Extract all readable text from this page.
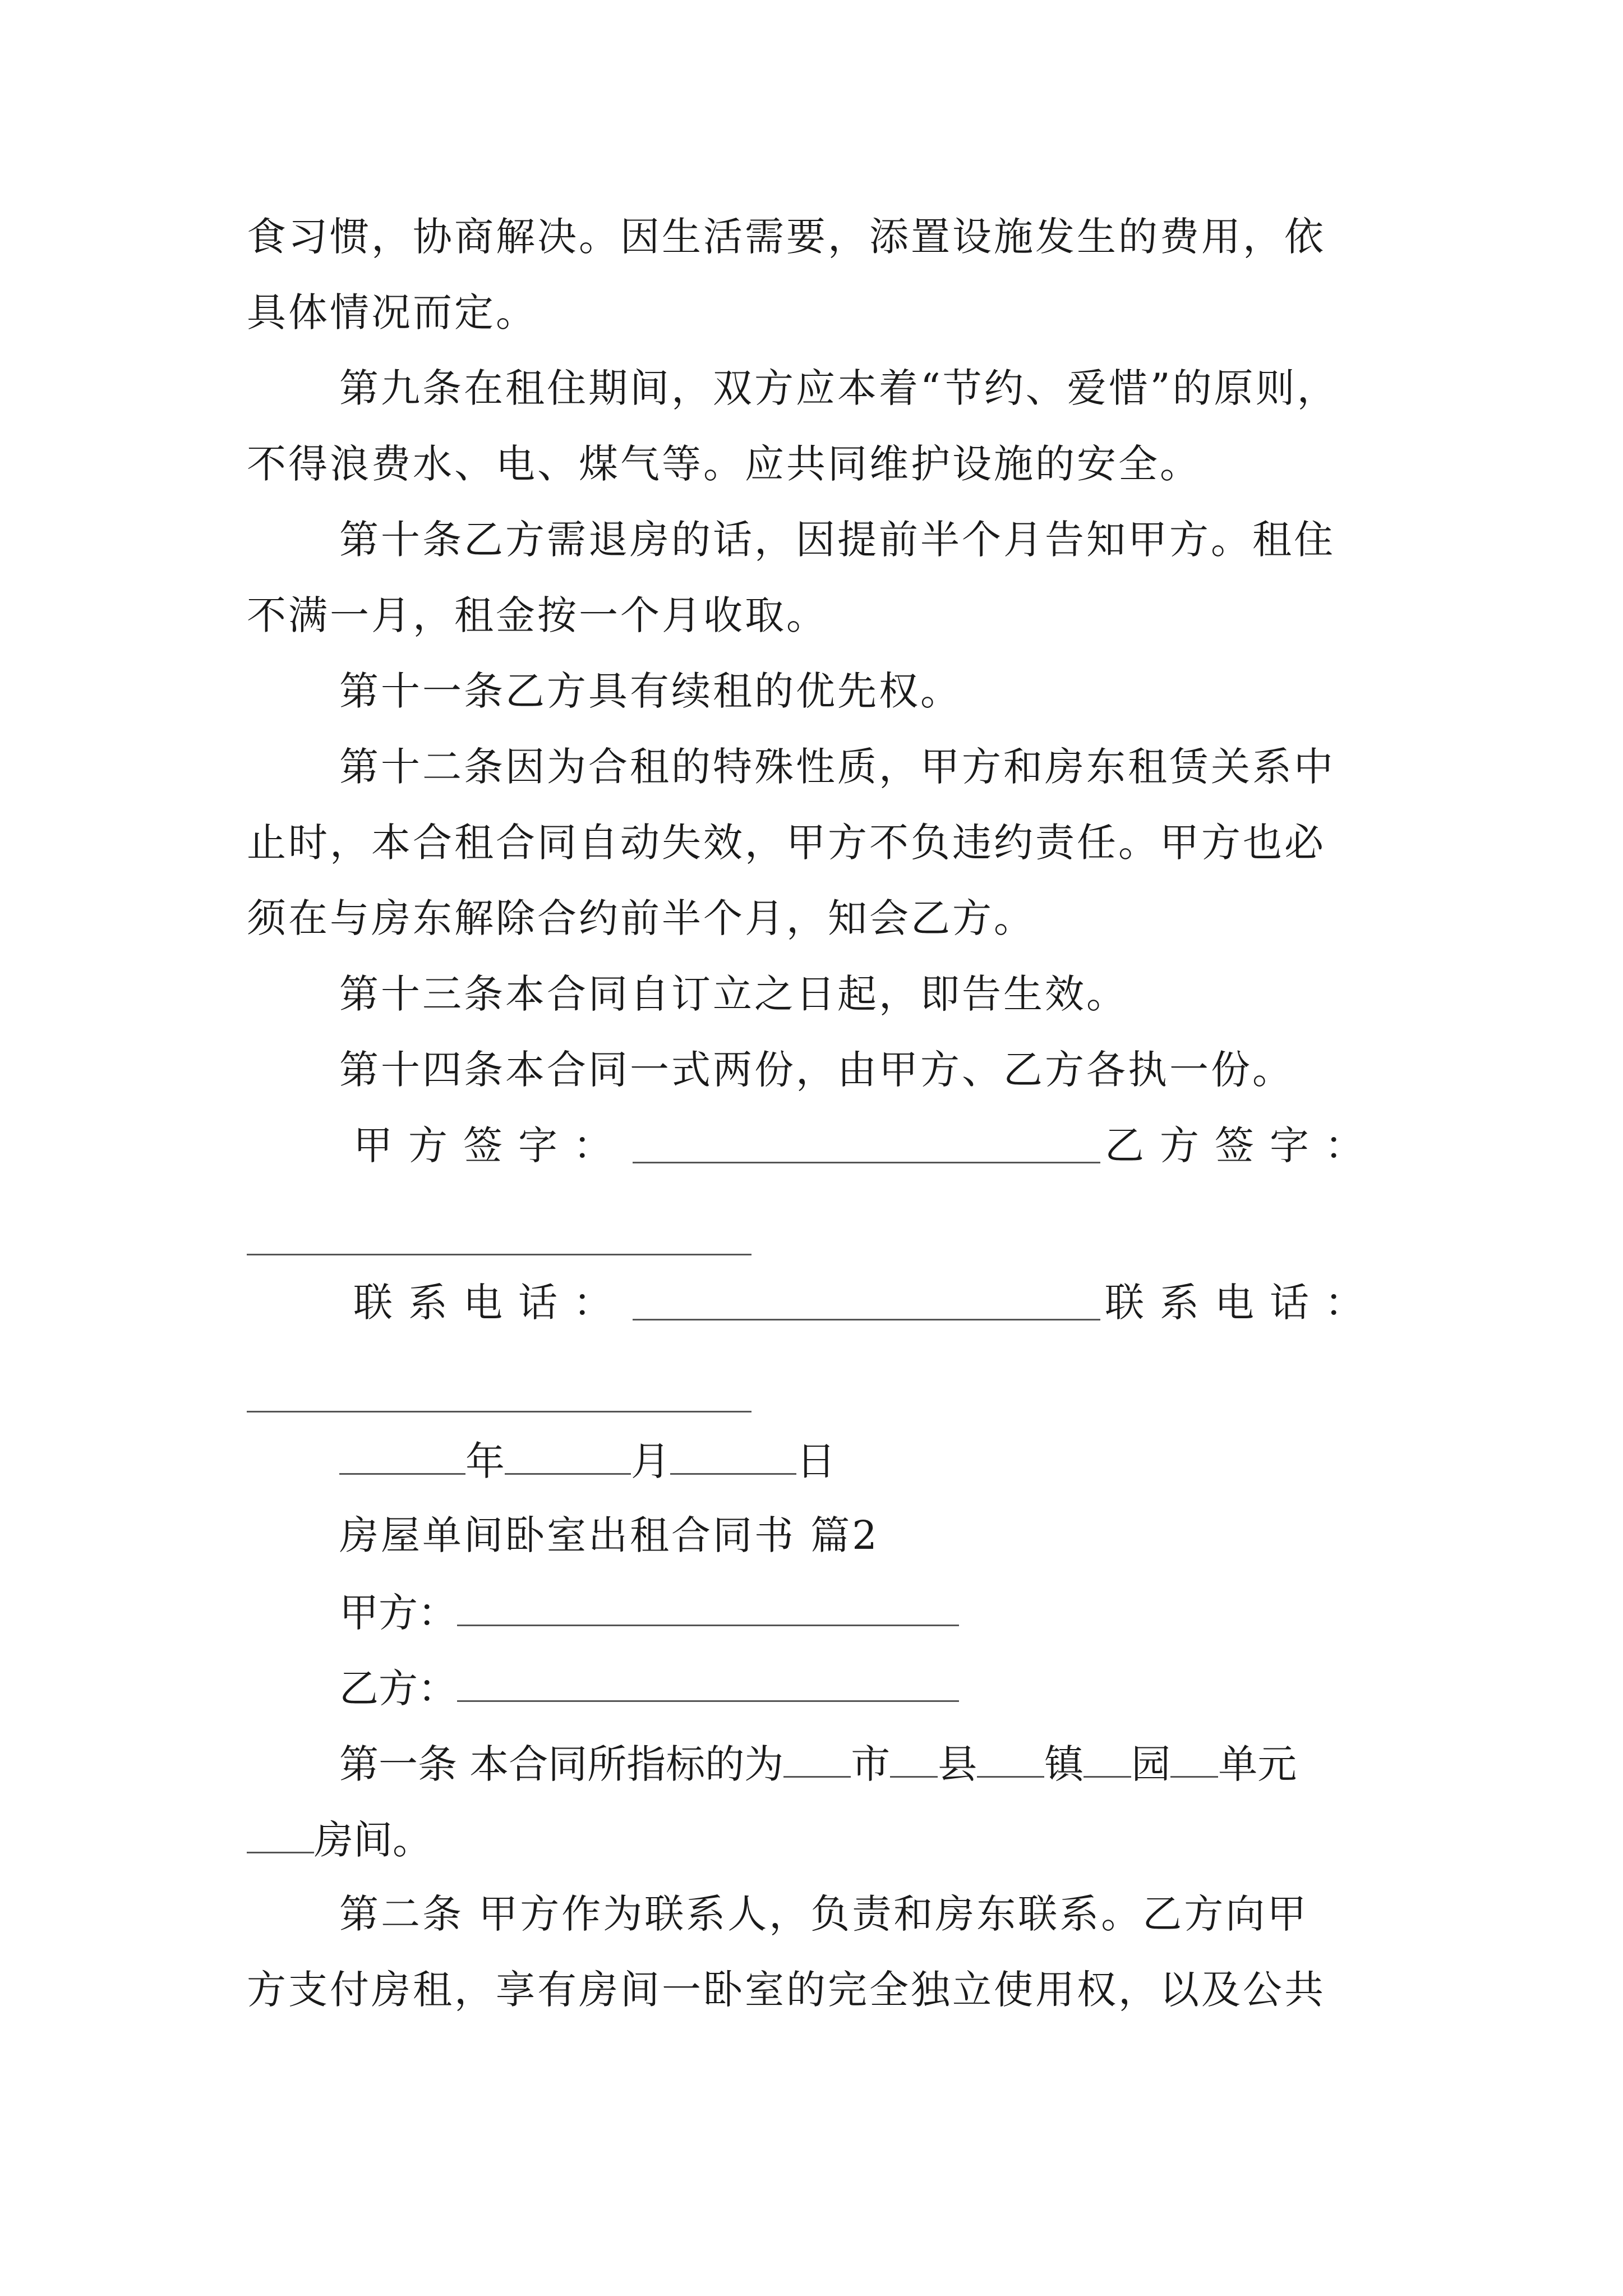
食习惯，协商解决。因生活需要，添置设施发生的费用，依
具体情况而定。
第九条在租住期间，双方应本着“节约、爱惜”的原则，
不得浪费水、电、煤气等。应共同维护设施的安全。
第十条乙方需退房的话，因提前半个月告知甲方。租住
不满一月，租金按一个月收取。
第十一条乙方具有续租的优先权。
第十二条因为合租的特殊性质，甲方和房东租赁关系中
止时，本合租合同自动失效，甲方不负违约责任。甲方也必
须在与房东解除合约前半个月，知会乙方。
第十三条本合同自订立之日起，即告生效。
第十四条本合同一式两份，由甲方、乙方各执一份。
甲方签字：	乙方签字：
联系电话：	联系电话：
年	月	日
房屋单间卧室出租合同书 篇2
甲方：
乙方：
第一条 本合同所指标的为 市 县 镇 园 单元
房间。
第二条 甲方作为联系人，负责和房东联系。乙方向甲
方支付房租，享有房间一卧室的完全独立使用权，以及公共
